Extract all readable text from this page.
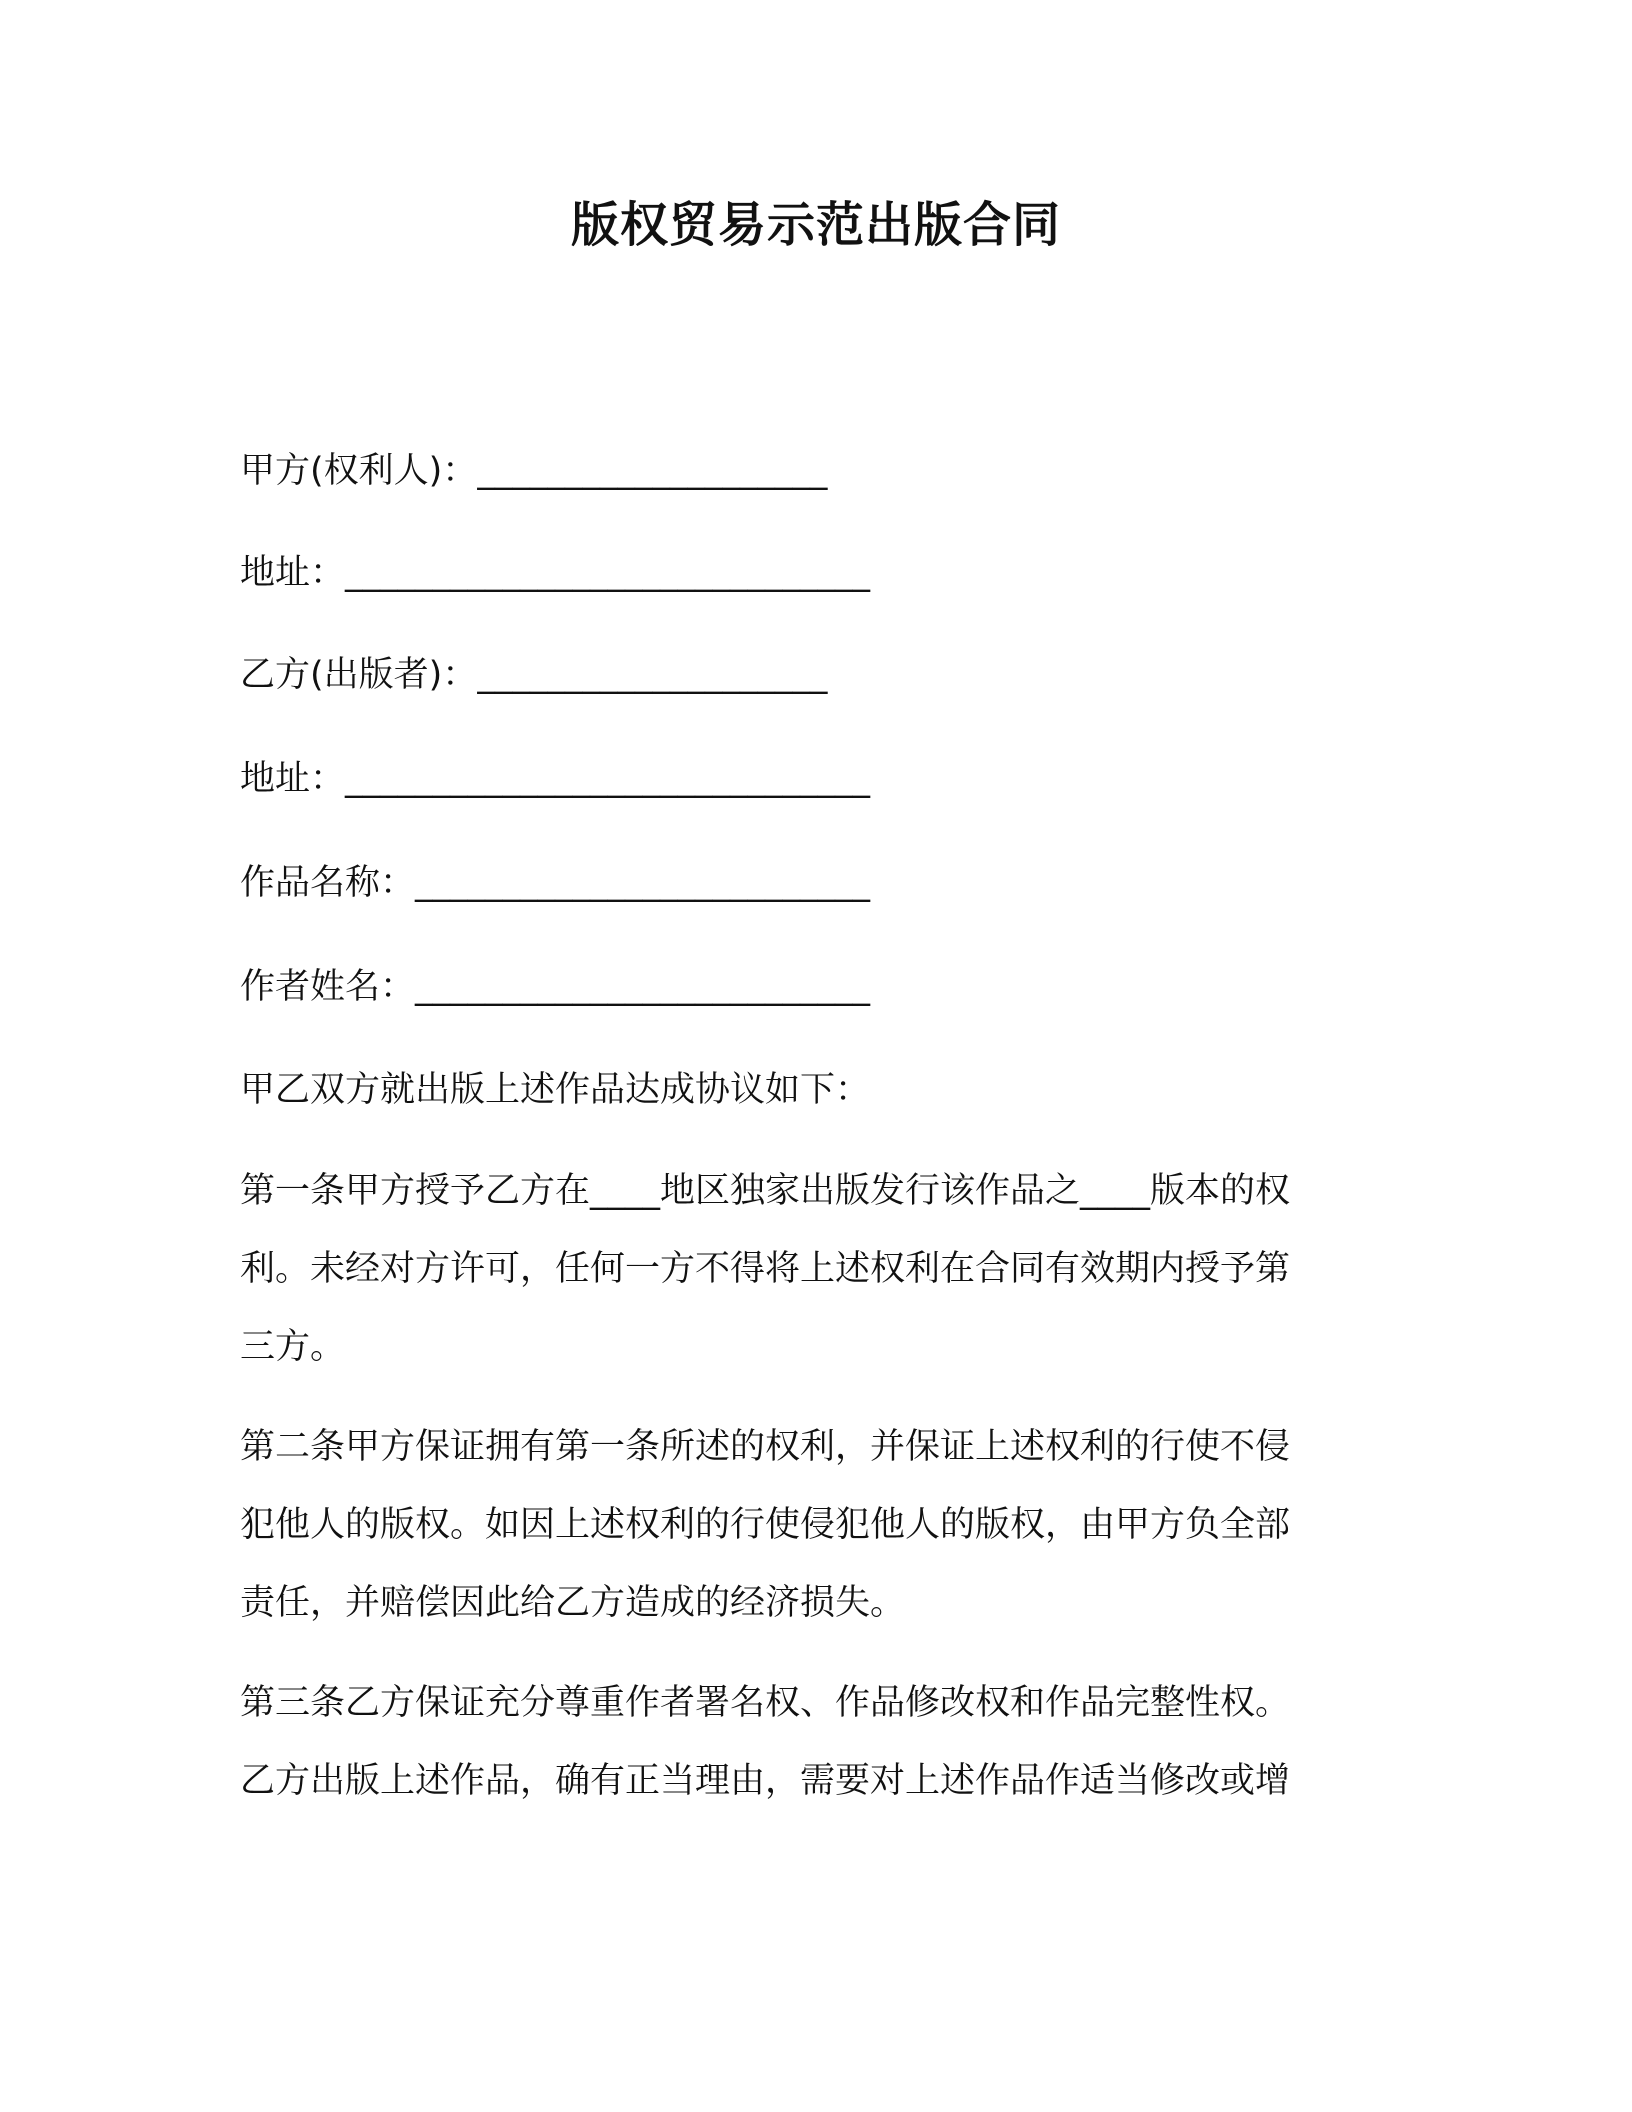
版权贸易示范出版合同
甲方(权利人)：____________________
地址：______________________________
乙方(出版者)：____________________
地址：______________________________
作品名称：__________________________
作者姓名：__________________________
甲乙双方就出版上述作品达成协议如下：
第一条甲方授予乙方在____地区独家出版发行该作品之____版本的权
利。未经对方许可，任何一方不得将上述权利在合同有效期内授予第
三方。
第二条甲方保证拥有第一条所述的权利，并保证上述权利的行使不侵
犯他人的版权。如因上述权利的行使侵犯他人的版权，由甲方负全部
责任，并赔偿因此给乙方造成的经济损失。
第三条乙方保证充分尊重作者署名权、作品修改权和作品完整性权。
乙方出版上述作品，确有正当理由，需要对上述作品作适当修改或增
